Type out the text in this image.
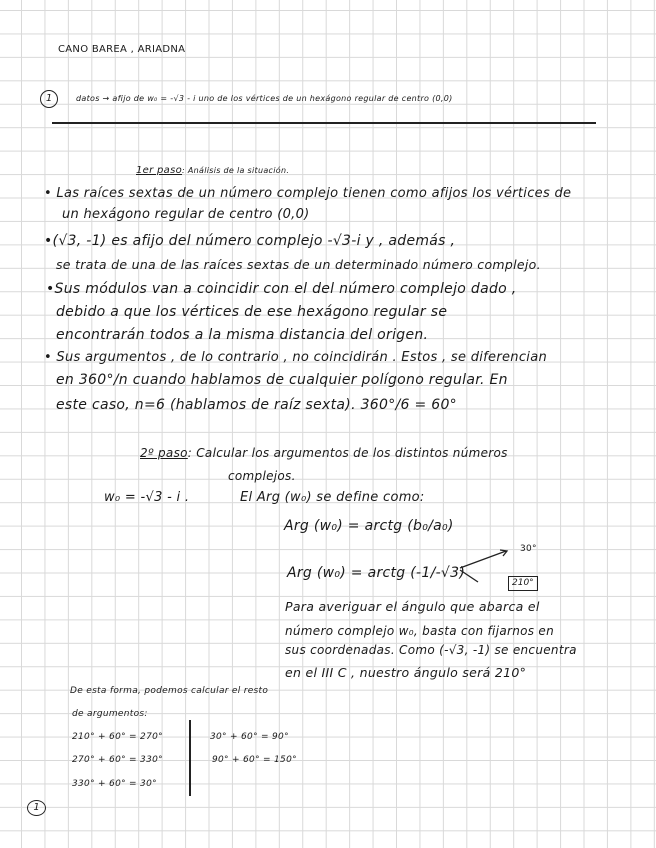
CANO BAREA , ARIADNA
1	datos → afijo de w₀ = -√3 - i uno de los vértices de un hexágono regular de centro (0,0)
1er paso: Análisis de la situación.
• Las raíces sextas de un número complejo tienen como afijos los vértices de
un hexágono regular de centro (0,0)
•(√3, -1) es afijo del número complejo -√3-i y , además ,
se trata de una de las raíces sextas de un determinado número complejo.
•Sus módulos van a coincidir con el del número complejo dado ,
debido a que los vértices de ese hexágono regular se
encontrarán todos a la misma distancia del origen.
• Sus argumentos , de lo contrario , no coincidirán . Estos , se diferencian
en 360°/n cuando hablamos de cualquier polígono regular. En
este caso, n=6 (hablamos de raíz sexta). 360°/6 = 60°
2º paso: Calcular los argumentos de los distintos números
complejos.
w₀ = -√3 - i .	El Arg (w₀) se define como:
Arg (w₀) = arctg (b₀/a₀)
Arg (w₀) = arctg (-1/-√3)
30°
210°
Para averiguar el ángulo que abarca el
número complejo w₀, basta con fijarnos en
sus coordenadas. Como (-√3, -1) se encuentra
en el III C , nuestro ángulo será 210°
De esta forma, podemos calcular el resto
de argumentos:
210° + 60° = 270°
270° + 60° = 330°
330° + 60° = 30°
30° + 60° = 90°
90° + 60° = 150°
1
